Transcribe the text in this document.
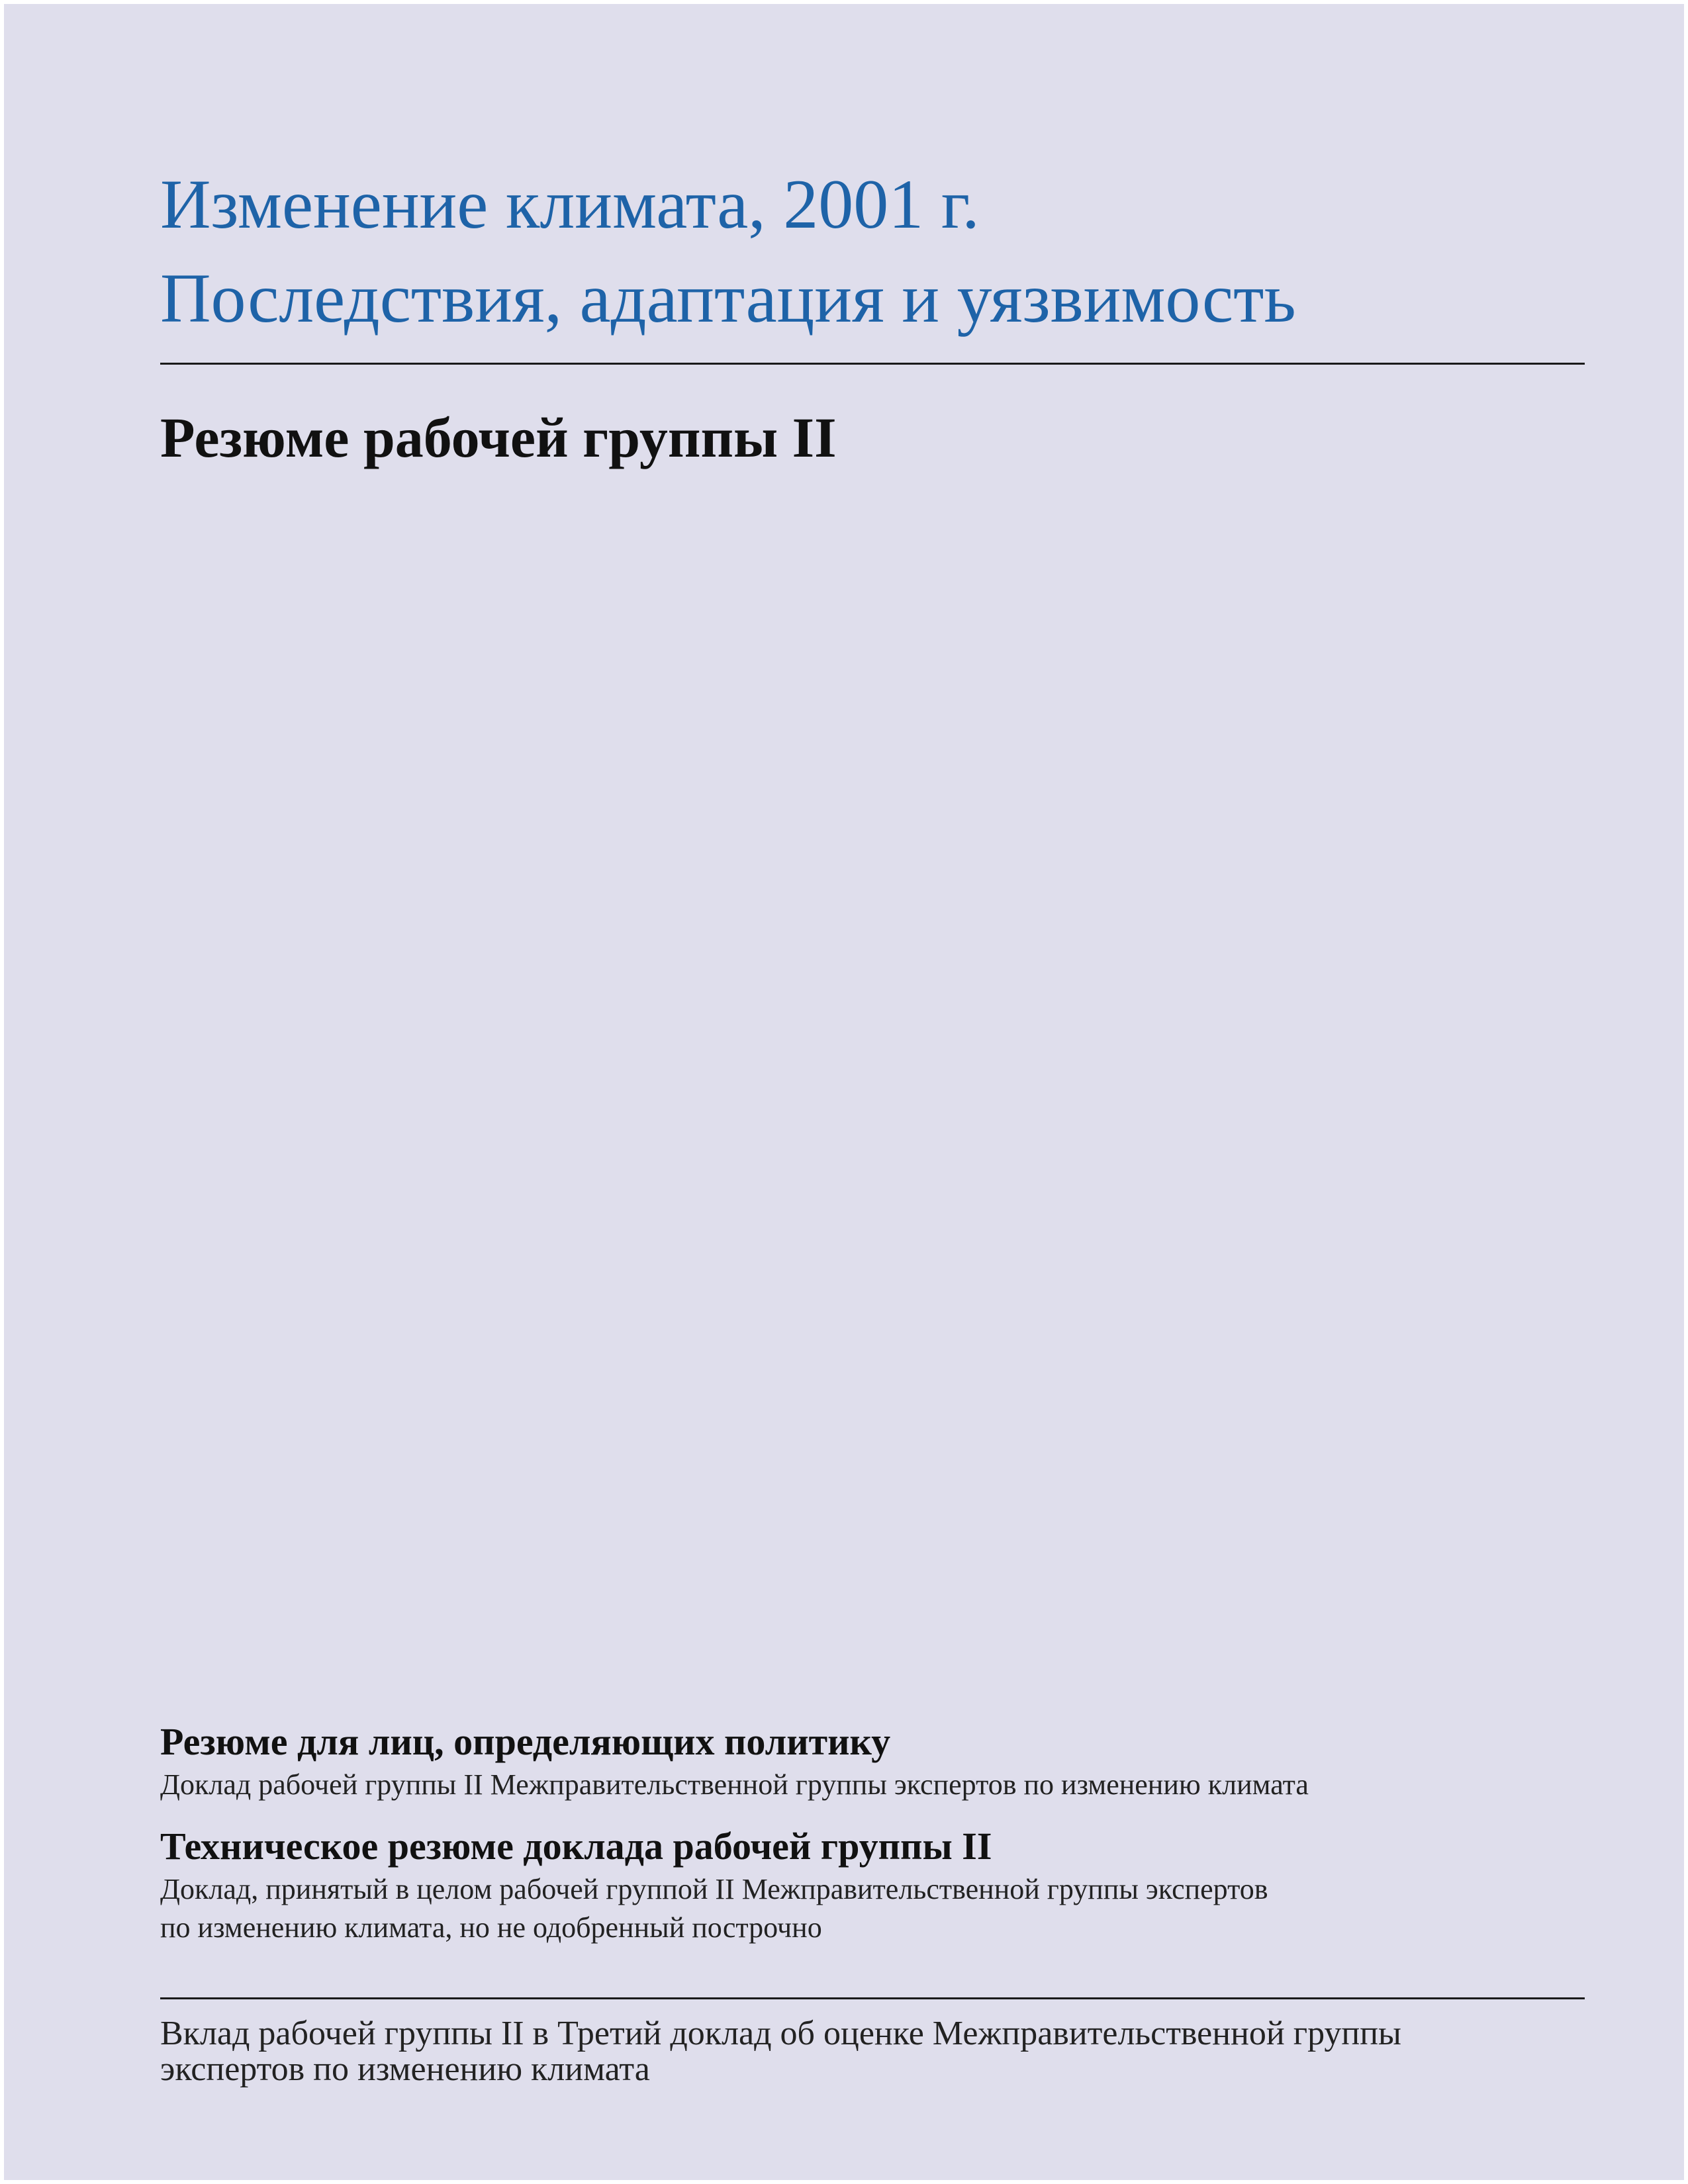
Изменение климата, 2001 г.
Последствия, адаптация и уязвимость
Резюме рабочей группы II
Резюме для лиц, определяющих политику
Доклад рабочей группы II Межправительственной группы экспертов по изменению климата
Техническое резюме доклада рабочей группы II
Доклад, принятый в целом рабочей группой II Межправительственной группы экспертов
по изменению климата, но не одобренный построчно
Вклад рабочей группы II в Третий доклад об оценке Межправительственной группы
экспертов по изменению климата
